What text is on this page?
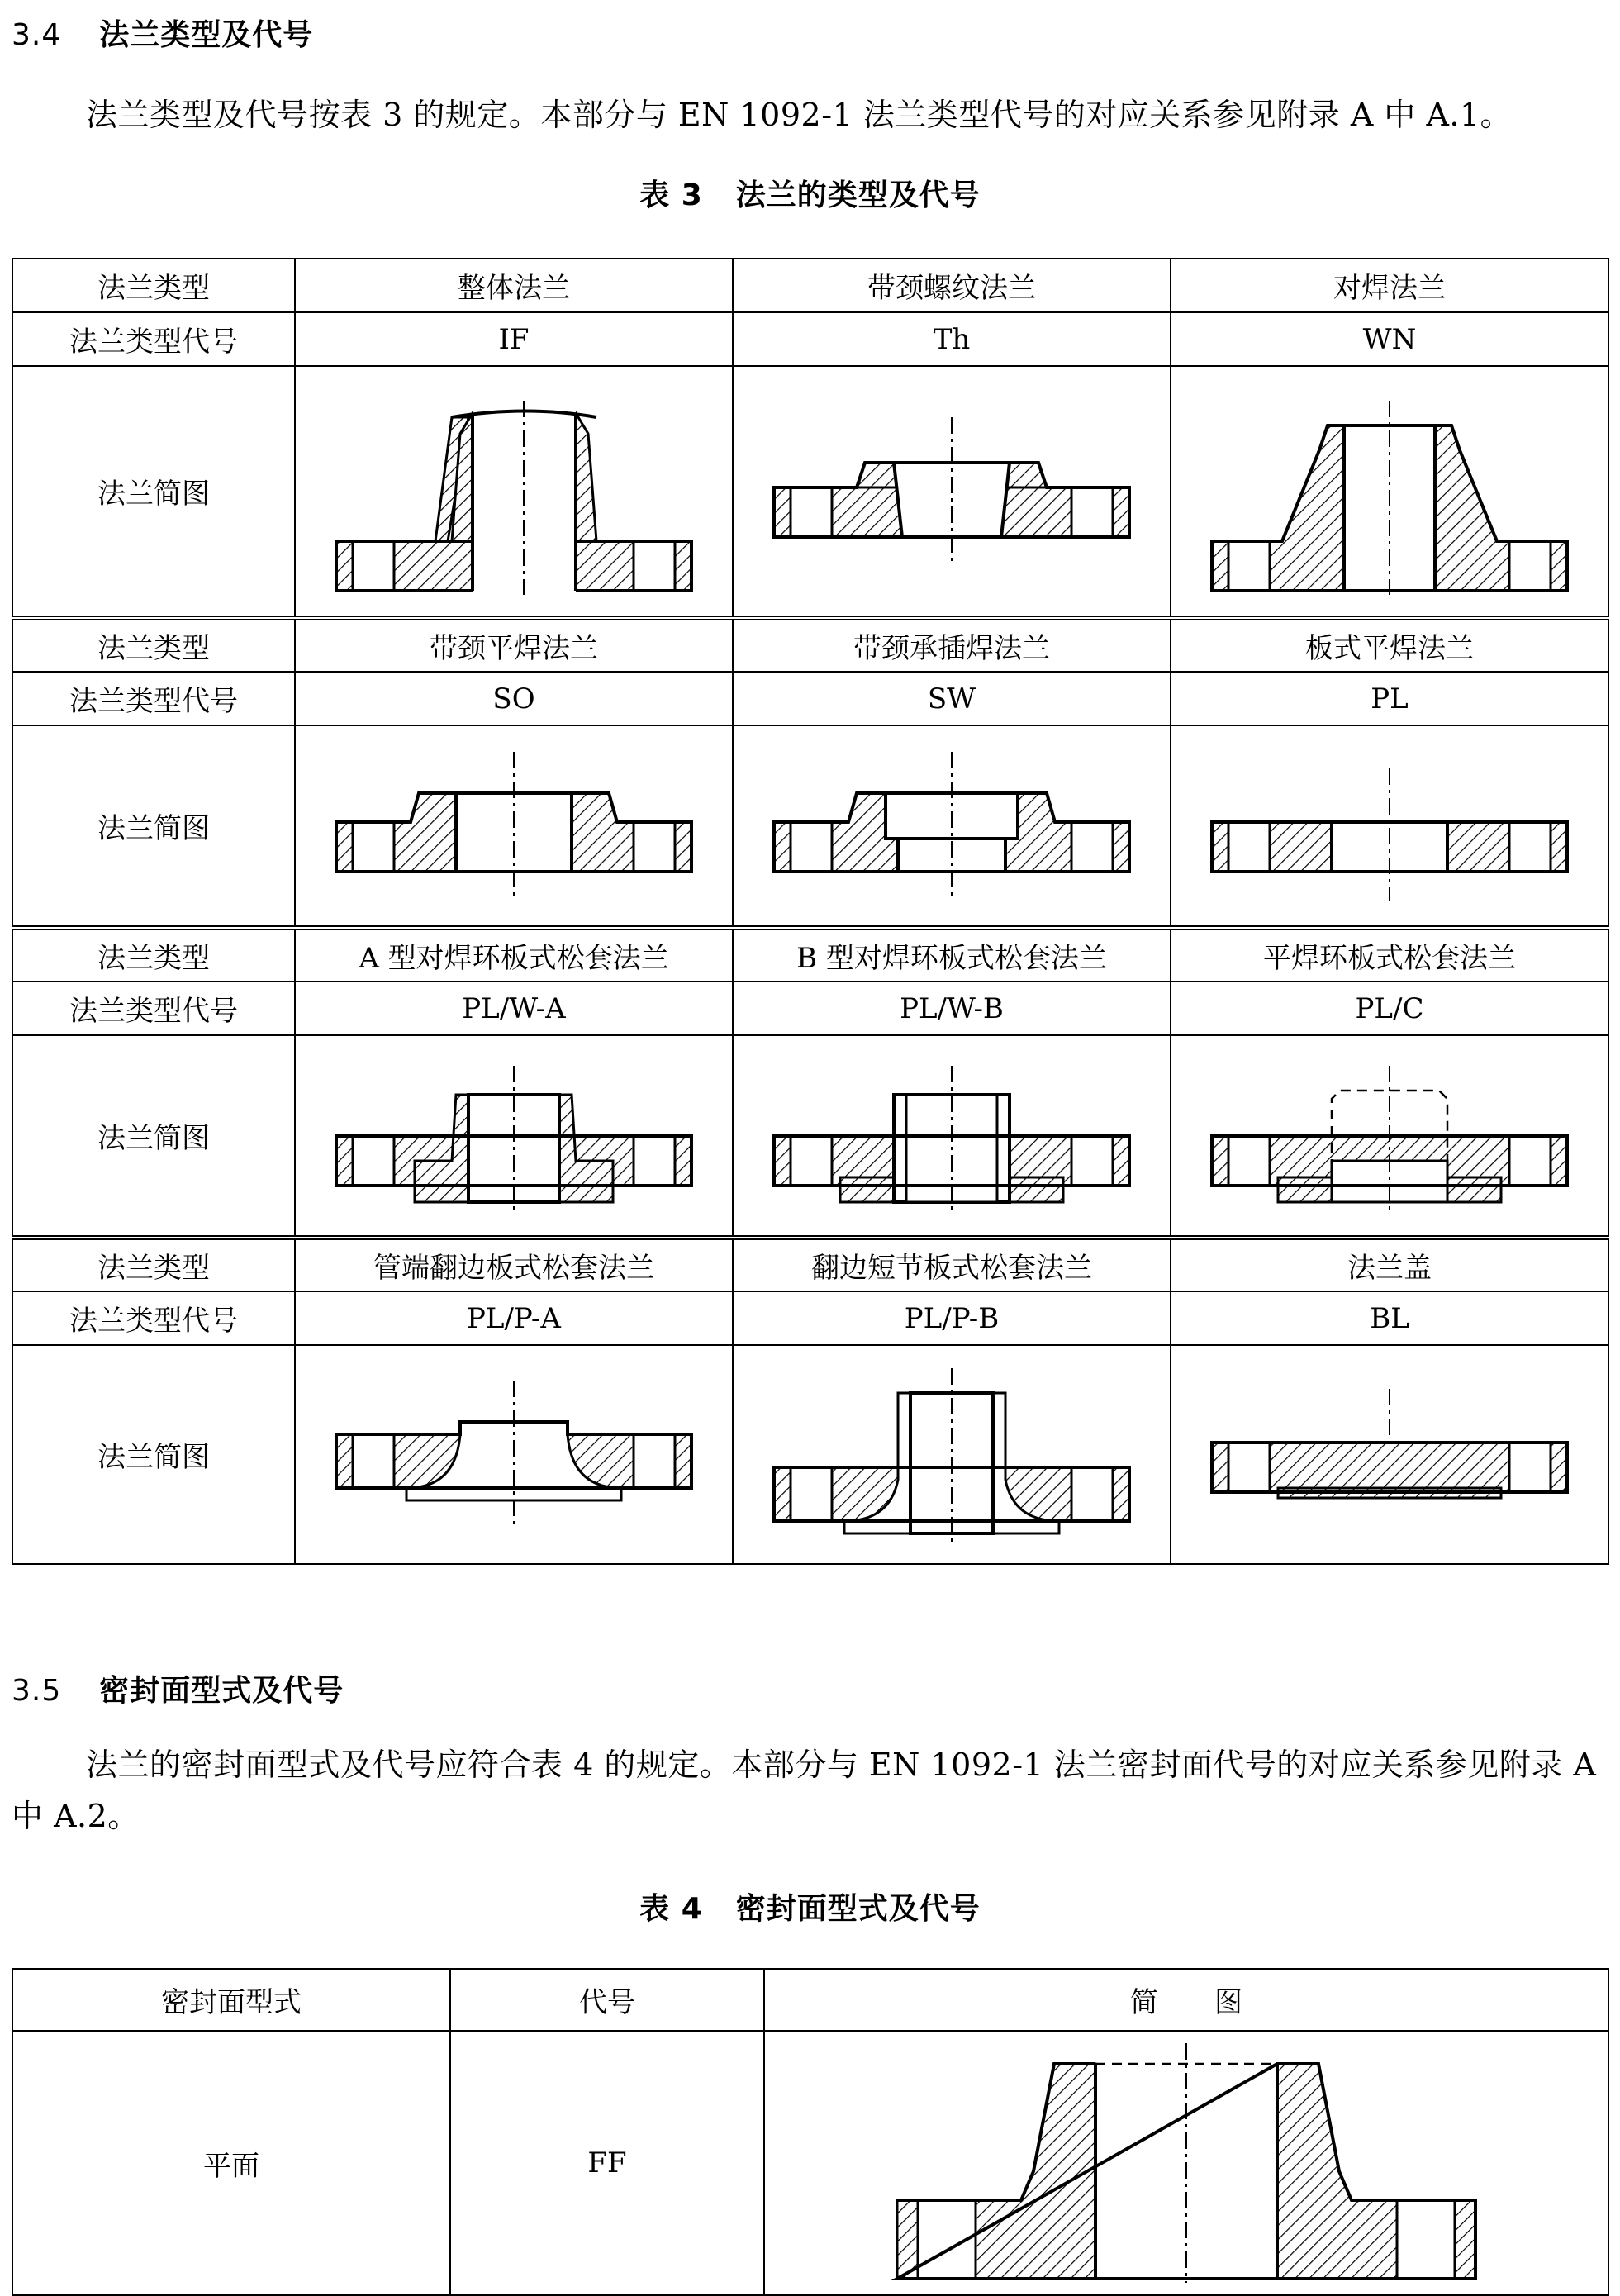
3.4 法兰类型及代号
法兰类型及代号按表 3 的规定。本部分与 EN 1092-1 法兰类型代号的对应关系参见附录 A 中 A.1。
表 3 法兰的类型及代号
法兰类型	整体法兰	带颈螺纹法兰	对焊法兰
法兰类型代号	IF	Th	WN
法兰简图	

法兰类型	带颈平焊法兰	带颈承插焊法兰	板式平焊法兰
法兰类型代号	SO	SW	PL
法兰简图	

法兰类型	A 型对焊环板式松套法兰	B 型对焊环板式松套法兰	平焊环板式松套法兰
法兰类型代号	PL/W-A	PL/W-B	PL/C
法兰简图	

法兰类型	管端翻边板式松套法兰	翻边短节板式松套法兰	法兰盖
法兰类型代号	PL/P-A	PL/P-B	BL
法兰简图	

3.5 密封面型式及代号
法兰的密封面型式及代号应符合表 4 的规定。本部分与 EN 1092-1 法兰密封面代号的对应关系参见附录 A 中 A.2。
表 4 密封面型式及代号
密封面型式	代号	简　　图
平面	FF	
